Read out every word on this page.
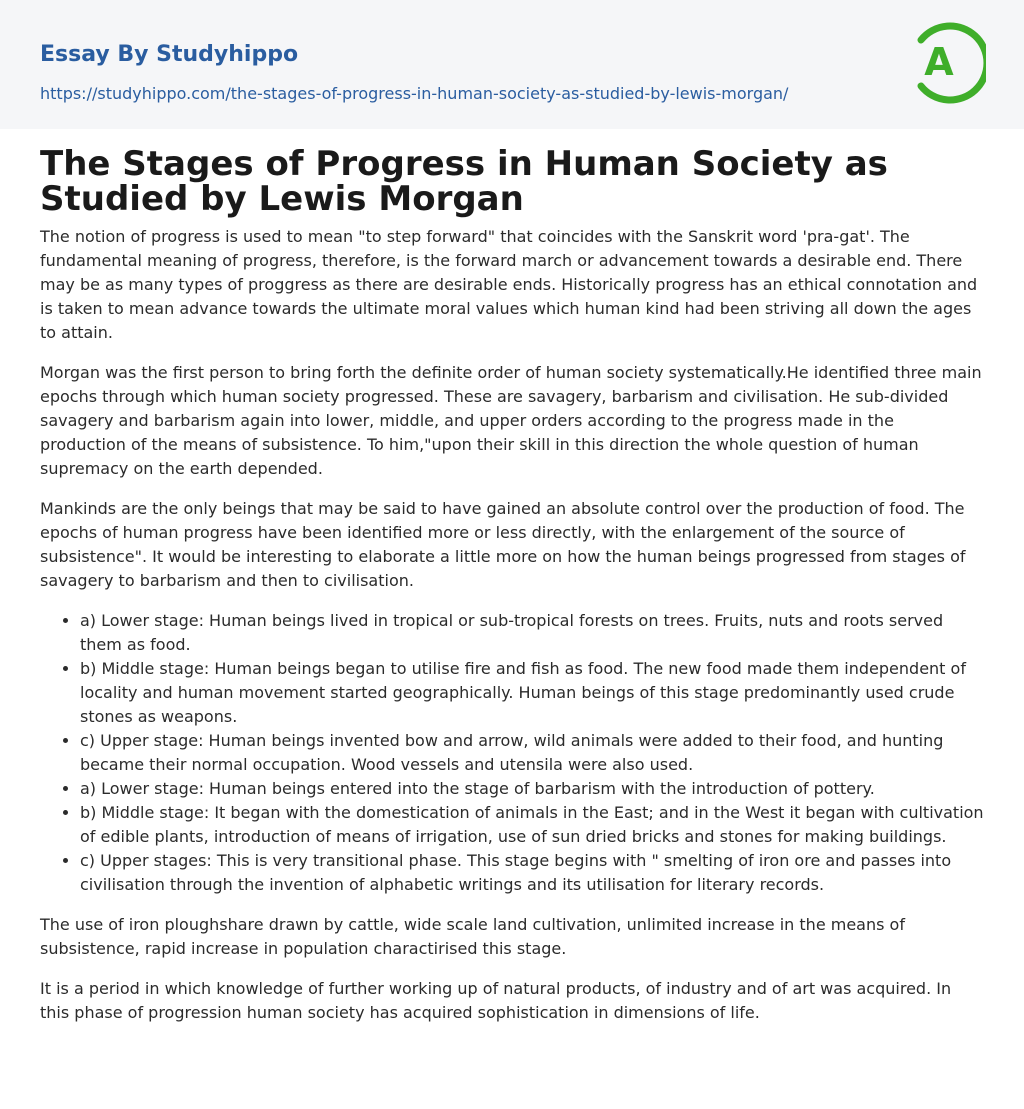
Essay By Studyhippo
https://studyhippo.com/the-stages-of-progress-in-human-society-as-studied-by-lewis-morgan/
A
The Stages of Progress in Human Society as Studied by Lewis Morgan

The notion of progress is used to mean "to step forward" that coincides with the Sanskrit word 'pra-gat'. The fundamental meaning of progress, therefore, is the forward march or advancement towards a desirable end. There may be as many types of proggress as there are desirable ends. Historically progress has an ethical connotation and is taken to mean advance towards the ultimate moral values which human kind had been striving all down the ages to attain.

Morgan was the first person to bring forth the definite order of human society systematically.He identified three main epochs through which human society progressed. These are savagery, barbarism and civilisation. He sub-divided savagery and barbarism again into lower, middle, and upper orders according to the progress made in the production of the means of subsistence. To him,"upon their skill in this direction the whole question of human supremacy on the earth depended.

Mankinds are the only beings that may be said to have gained an absolute control over the production of food. The epochs of human progress have been identified more or less directly, with the enlargement of the source of subsistence". It would be interesting to elaborate a little more on how the human beings progressed from stages of savagery to barbarism and then to civilisation.

• a) Lower stage: Human beings lived in tropical or sub-tropical forests on trees. Fruits, nuts and roots served them as food.
• b) Middle stage: Human beings began to utilise fire and fish as food. The new food made them independent of locality and human movement started geographically. Human beings of this stage predominantly used crude stones as weapons.
• c) Upper stage: Human beings invented bow and arrow, wild animals were added to their food, and hunting became their normal occupation. Wood vessels and utensila were also used.
• a) Lower stage: Human beings entered into the stage of barbarism with the introduction of pottery.
• b) Middle stage: It began with the domestication of animals in the East; and in the West it began with cultivation of edible plants, introduction of means of irrigation, use of sun dried bricks and stones for making buildings.
• c) Upper stages: This is very transitional phase. This stage begins with " smelting of iron ore and passes into civilisation through the invention of alphabetic writings and its utilisation for literary records.

The use of iron ploughshare drawn by cattle, wide scale land cultivation, unlimited increase in the means of subsistence, rapid increase in population charactirised this stage.

It is a period in which knowledge of further working up of natural products, of industry and of art was acquired. In this phase of progression human society has acquired sophistication in dimensions of life.
